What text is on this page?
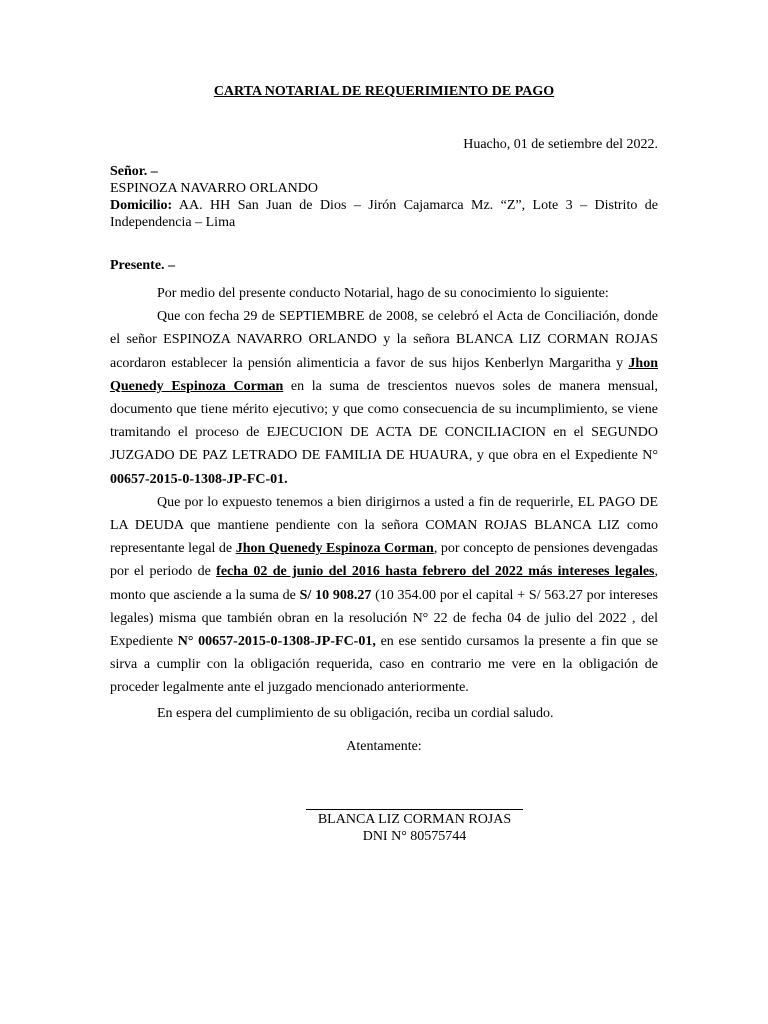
CARTA NOTARIAL DE REQUERIMIENTO DE PAGO
Huacho, 01 de setiembre del 2022.
Señor. –
ESPINOZA NAVARRO ORLANDO
Domicilio: AA. HH San Juan de Dios – Jirón Cajamarca Mz. “Z”, Lote 3 – Distrito de Independencia – Lima
Presente. –

Por medio del presente conducto Notarial, hago de su conocimiento lo siguiente:

Que con fecha 29 de SEPTIEMBRE de 2008, se celebró el Acta de Conciliación, donde el señor ESPINOZA NAVARRO ORLANDO y la señora BLANCA LIZ CORMAN ROJAS acordaron establecer la pensión alimenticia a favor de sus hijos Kenberlyn Margaritha y Jhon Quenedy Espinoza Corman en la suma de trescientos nuevos soles de manera mensual, documento que tiene mérito ejecutivo; y que como consecuencia de su incumplimiento, se viene tramitando el proceso de EJECUCION DE ACTA DE CONCILIACION en el SEGUNDO JUZGADO DE PAZ LETRADO DE FAMILIA DE HUAURA, y que obra en el Expediente N° 00657-2015-0-1308-JP-FC-01.

Que por lo expuesto tenemos a bien dirigirnos a usted a fin de requerirle, EL PAGO DE LA DEUDA que mantiene pendiente con la señora COMAN ROJAS BLANCA LIZ como representante legal de Jhon Quenedy Espinoza Corman, por concepto de pensiones devengadas por el periodo de fecha 02 de junio del 2016 hasta febrero del 2022 más intereses legales, monto que asciende a la suma de S/ 10 908.27 (10 354.00 por el capital + S/ 563.27 por intereses legales) misma que también obran en la resolución N° 22 de fecha 04 de julio del 2022 , del Expediente N° 00657-2015-0-1308-JP-FC-01, en ese sentido cursamos la presente a fin que se sirva a cumplir con la obligación requerida, caso en contrario me vere en la obligación de proceder legalmente ante el juzgado mencionado anteriormente.

En espera del cumplimiento de su obligación, reciba un cordial saludo.
Atentamente:
BLANCA LIZ CORMAN ROJAS
DNI N° 80575744
